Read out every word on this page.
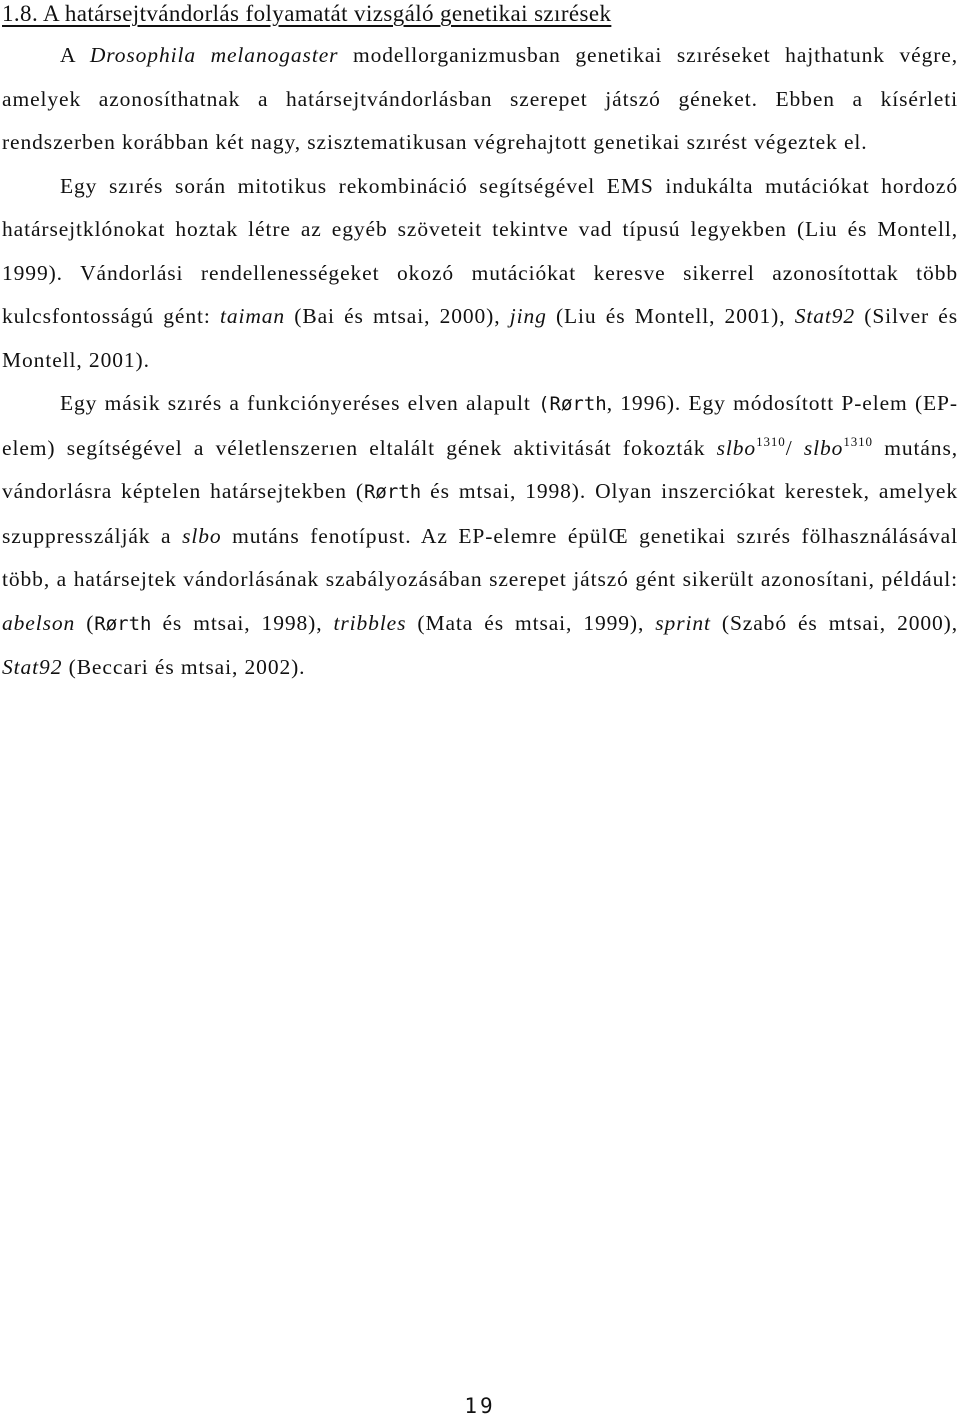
1.8. A határsejtvándorlás folyamatát vizsgáló genetikai szırések

A Drosophila melanogaster modellorganizmusban genetikai szıréseket hajthatunk végre, amelyek azonosíthatnak a határsejtvándorlásban szerepet játszó géneket. Ebben a kísérleti rendszerben korábban két nagy, szisztematikusan végrehajtott genetikai szırést végeztek el.

Egy szırés során mitotikus rekombináció segítségével EMS indukálta mutációkat hordozó határsejtklónokat hoztak létre az egyéb szöveteit tekintve vad típusú legyekben (Liu és Montell, 1999). Vándorlási rendellenességeket okozó mutációkat keresve sikerrel azonosítottak több kulcsfontosságú gént: taiman (Bai és mtsai, 2000), jing (Liu és Montell, 2001), Stat92 (Silver és Montell, 2001).

Egy másik szırés a funkciónyeréses elven alapult (Rørth, 1996). Egy módosított P-elem (EP-elem) segítségével a véletlenszerıen eltalált gének aktivitását fokozták slbo$^{1310}$/ slbo$^{1310}$ mutáns, vándorlásra képtelen határsejtekben (Rørth és mtsai, 1998). Olyan inszerciókat kerestek, amelyek szuppresszálják a slbo mutáns fenotípust. Az EP-elemre épülŒ genetikai szırés fölhasználásával több, a határsejtek vándorlásának szabályozásában szerepet játszó gént sikerült azonosítani, például: abelson (Rørth és mtsai, 1998), tribbles (Mata és mtsai, 1999), sprint (Szabó és mtsai, 2000), Stat92 (Beccari és mtsai, 2002).

19
